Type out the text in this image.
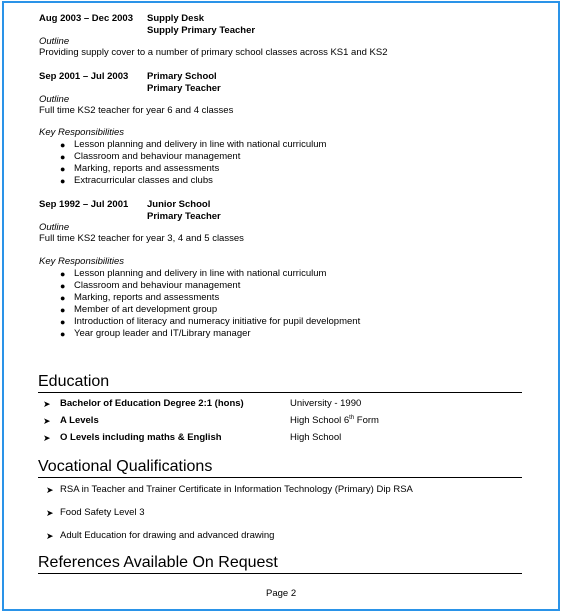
Aug 2003 – Dec 2003 Supply Desk
Supply Primary Teacher
Outline
Providing supply cover to a number of primary school classes across KS1 and KS2
Sep 2001 – Jul 2003 Primary School
Primary Teacher
Outline
Full time KS2 teacher for year 6 and 4 classes
Key Responsibilities
● Lesson planning and delivery in line with national curriculum
● Classroom and behaviour management
● Marking, reports and assessments
● Extracurricular classes and clubs
Sep 1992 – Jul 2001 Junior School
Primary Teacher
Outline
Full time KS2 teacher for year 3, 4 and 5 classes
Key Responsibilities
● Lesson planning and delivery in line with national curriculum
● Classroom and behaviour management
● Marking, reports and assessments
● Member of art development group
● Introduction of literacy and numeracy initiative for pupil development
● Year group leader and IT/Library manager
Education
➤ Bachelor of Education Degree 2:1 (hons)	University - 1990
➤ A Levels	High School 6th Form
➤ O Levels including maths & English	High School
Vocational Qualifications
➤ RSA in Teacher and Trainer Certificate in Information Technology (Primary) Dip RSA
➤ Food Safety Level 3
➤ Adult Education for drawing and advanced drawing
References Available On Request
Page 2
